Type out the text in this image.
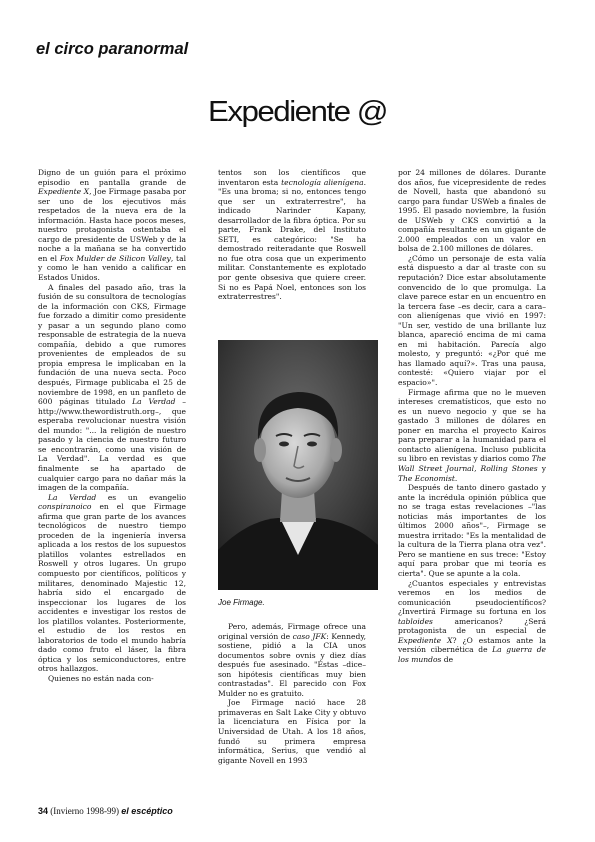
el circo paranormal
Expediente @

Digno de un guión para el próximo episodio en pantalla grande de Expediente X, Joe Firmage pasaba por ser uno de los ejecutivos más respetados de la nueva era de la información. Hasta hace pocos meses, nuestro protagonista ostentaba el cargo de presidente de USWeb y de la noche a la mañana se ha convertido en el Fox Mulder de Silicon Valley, tal y como le han venido a calificar en Estados Unidos.

A finales del pasado año, tras la fusión de su consultora de tecnologías de la información con CKS, Firmage fue forzado a dimitir como presidente y pasar a un segundo plano como responsable de estrategia de la nueva compañía, debido a que rumores provenientes de empleados de su propia empresa le implicaban en la fundación de una nueva secta. Poco después, Firmage publicaba el 25 de noviembre de 1998, en un panfleto de 600 páginas titulado La Verdad –http://www.thewordistruth.org–, que esperaba revolucionar nuestra visión del mundo: "... la religión de nuestro pasado y la ciencia de nuestro futuro se encontrarán, como una visión de La Verdad". La verdad es que finalmente se ha apartado de cualquier cargo para no dañar más la imagen de la compañía.

La Verdad es un evangelio conspiranoico en el que Firmage afirma que gran parte de los avances tecnológicos de nuestro tiempo proceden de la ingeniería inversa aplicada a los restos de los supuestos platillos volantes estrellados en Roswell y otros lugares. Un grupo compuesto por científicos, políticos y militares, denominado Majestic 12, habría sido el encargado de inspeccionar los lugares de los accidentes e investigar los restos de los platillos volantes. Posteriormente, el estudio de los restos en laboratorios de todo el mundo habría dado como fruto el láser, la fibra óptica y los semiconductores, entre otros hallazgos.

Quienes no están nada con-

tentos son los científicos que inventaron esta tecnología alienígena. "Es una broma; si no, entonces tengo que ser un extraterrestre", ha indicado Narinder Kapany, desarrollador de la fibra óptica. Por su parte, Frank Drake, del Instituto SETI, es categórico: "Se ha demostrado reiteradante que Roswell no fue otra cosa que un experimento militar. Constantemente es explotado por gente obsesiva que quiere creer. Si no es Papá Noel, entonces son los extraterrestres".

Joe Firmage.

Pero, además, Firmage ofrece una original versión de caso JFK: Kennedy, sostiene, pidió a la CIA unos documentos sobre ovnis y diez días después fue asesinado. "Éstas –dice– son hipótesis científicas muy bien contrastadas". El parecido con Fox Mulder no es gratuito.

Joe Firmage nació hace 28 primaveras en Salt Lake City y obtuvo la licenciatura en Física por la Universidad de Utah. A los 18 años, fundó su primera empresa informática, Serius, que vendió al gigante Novell en 1993

por 24 millones de dólares. Durante dos años, fue vicepresidente de redes de Novell, hasta que abandonó su cargo para fundar USWeb a finales de 1995. El pasado noviembre, la fusión de USWeb y CKS convirtió a la compañía resultante en un gigante de 2.000 empleados con un valor en bolsa de 2.100 millones de dólares.

¿Cómo un personaje de esta valía está dispuesto a dar al traste con su reputación? Dice estar absolutamente convencido de lo que promulga. La clave parece estar en un encuentro en la tercera fase –es decir, cara a cara– con alienígenas que vivió en 1997: "Un ser, vestido de una brillante luz blanca, apareció encima de mi cama en mi habitación. Parecía algo molesto, y preguntó: «¿Por qué me has llamado aquí?». Tras una pausa, contesté: «Quiero viajar por el espacio»".

Firmage afirma que no le mueven intereses crematísticos, que esto no es un nuevo negocio y que se ha gastado 3 millones de dólares en poner en marcha el proyecto Kairos para preparar a la humanidad para el contacto alienígena. Incluso publicita su libro en revistas y diarios como The Wall Street Journal, Rolling Stones y The Economist.

Después de tanto dinero gastado y ante la incrédula opinión pública que no se traga estas revelaciones –"las noticias más importantes de los últimos 2000 años"–, Firmage se muestra irritado: "Es la mentalidad de la cultura de la Tierra plana otra vez". Pero se mantiene en sus trece: "Estoy aquí para probar que mi teoría es cierta". Que se apunte a la cola.

¿Cuantos especiales y entrevistas veremos en los medios de comunicación pseudocientíficos? ¿Invertirá Firmage su fortuna en los tabloides americanos? ¿Será protagonista de un especial de Expediente X? ¿O estamos ante la versión cibernética de La guerra de los mundos de

34 (Invierno 1998-99) el escéptico
